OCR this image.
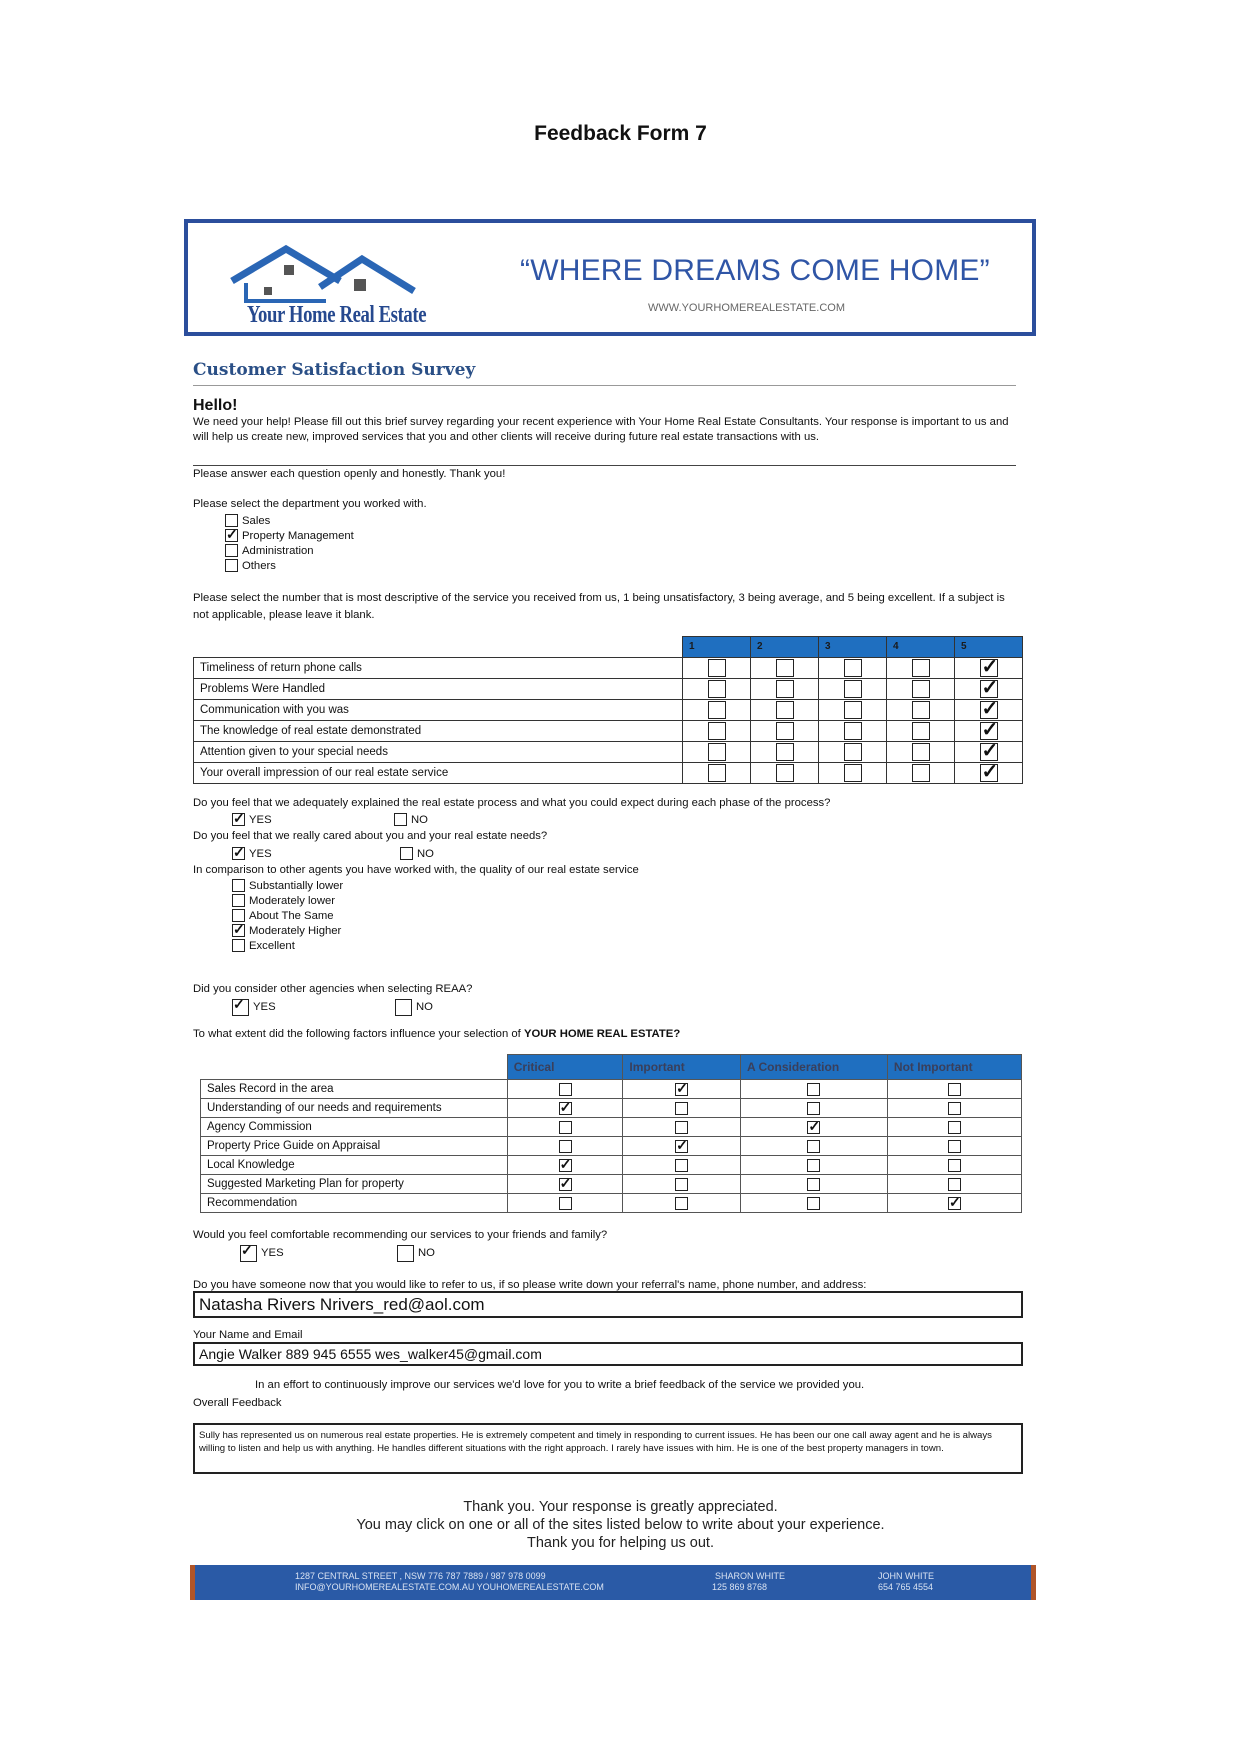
Feedback Form 7
Your Home Real Estate
“WHERE DREAMS COME HOME”
WWW.YOURHOMEREALESTATE.COM
Customer Satisfaction Survey
Hello!
We need your help! Please fill out this brief survey regarding your recent experience with Your Home Real Estate Consultants. Your response is important to us and will help us create new, improved services that you and other clients will receive during future real estate transactions with us.
Please answer each question openly and honestly. Thank you!
Please select the department you worked with.
Sales
✓
Property Management
Administration
Others
Please select the number that is most descriptive of the service you received from us, 1 being unsatisfactory, 3 being average, and 5 being excellent. If a subject is not applicable, please leave it blank.
	1	2	3	4	5
Timeliness of return phone calls					✓
Problems Were Handled					✓
Communication with you was					✓
The knowledge of real estate demonstrated					✓
Attention given to your special needs					✓
Your overall impression of our real estate service					✓
Do you feel that we adequately explained the real estate process and what you could expect during each phase of the process?
✓
YES	NO
Do you feel that we really cared about you and your real estate needs?
✓
YES	NO
In comparison to other agents you have worked with, the quality of our real estate service
Substantially lower
Moderately lower
About The Same
✓
Moderately Higher
Excellent
Did you consider other agencies when selecting REAA?
✓
YES	NO
To what extent did the following factors influence your selection of YOUR HOME REAL ESTATE?
	Critical	Important	A Consideration	Not Important
Sales Record in the area		✓		
Understanding of our needs and requirements	✓			
Agency Commission			✓	
Property Price Guide on Appraisal		✓		
Local Knowledge	✓			
Suggested Marketing Plan for property	✓			
Recommendation				✓
Would you feel comfortable recommending our services to your friends and family?
✓
YES	NO
Do you have someone now that you would like to refer to us, if so please write down your referral's name, phone number, and address:
Natasha Rivers Nrivers_red@aol.com
Your Name and Email
Angie Walker 889 945 6555 wes_walker45@gmail.com
In an effort to continuously improve our services we'd love for you to write a brief feedback of the service we provided you.
Overall Feedback
Sully has represented us on numerous real estate properties. He is extremely competent and timely in responding to current issues. He has been our one call away agent and he is always willing to listen and help us with anything. He handles different situations with the right approach. I rarely have issues with him. He is one of the best property managers in town.
Thank you. Your response is greatly appreciated.
You may click on one or all of the sites listed below to write about your experience.
Thank you for helping us out.
1287 CENTRAL STREET , NSW 776 787 7889 / 987 978 0099
INFO@YOURHOMEREALESTATE.COM.AU YOUHOMEREALESTATE.COM
SHARON WHITE
125 869 8768
JOHN WHITE
654 765 4554
